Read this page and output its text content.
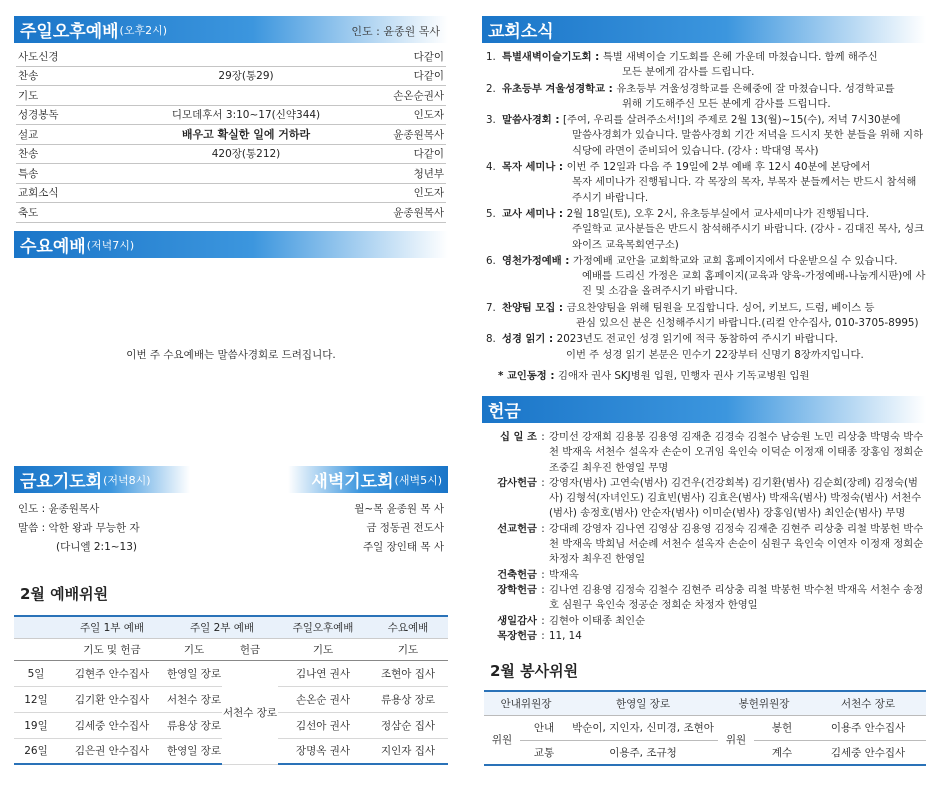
주일오후예배 (오후2시)	인도 : 윤종원 목사
사도신경	다같이
찬송	29장(통29)	다같이
기도	손온순권사
성경봉독	디모데후서 3:10~17(신약344)	인도자
설교	배우고 확실한 일에 거하라	윤종원목사
찬송	420장(통212)	다같이
특송	청년부
교회소식	인도자
축도	윤종원목사
수요예배 (저녁7시)
이번 주 수요예배는 말씀사경회로 드려집니다.
금요기도회 (저녁8시)	새벽기도회 (새벽5시)
인도 : 윤종원목사
말씀 : 악한 왕과 무능한 자
(다니엘 2:1~13)
월~목 윤종원 목 사
금 정동권 전도사
주일 장인태 목 사
2월 예배위원
	주일 1부 예배	주일 2부 예배		주일오후예배	수요예배
	기도 및 헌금	기도	헌금	기도	기도
5일	김현주 안수집사	한영일 장로	서천수 장로	김나연 권사	조현아 집사
12일	김기환 안수집사	서천수 장로		손온순 권사	류용상 장로
19일	김세중 안수집사	류용상 장로		김선아 권사	정삼순 집사
26일	김은권 안수집사	한영일 장로		장명옥 권사	지인자 집사
교회소식
1. 특별새벽이슬기도회 : 특별 새벽이슬 기도회를 은혜 가운데 마쳤습니다. 함께 해주신
모든 분에게 감사를 드립니다.
2. 유초등부 겨울성경학교 : 유초등부 겨울성경학교를 은혜중에 잘 마쳤습니다. 성경학교를
위해 기도해주신 모든 분에게 감사를 드립니다.
3. 말씀사경회 : [주여, 우리를 살려주소서!]의 주제로 2월 13(월)~15(수), 저녁 7시30분에
말씀사경회가 있습니다. 말씀사경회 기간 저녁을 드시지 못한 분들을 위해 지하 식당에 라면이 준비되어 있습니다. (강사 : 박대영 목사)
4. 목자 세미나 : 이번 주 12일과 다음 주 19일에 2부 예배 후 12시 40분에 본당에서
목자 세미나가 진행됩니다. 각 목장의 목자, 부목자 분들께서는 반드시 참석해주시기 바랍니다.
5. 교사 세미나 : 2월 18일(토), 오후 2시, 유초등부실에서 교사세미나가 진행됩니다.
주일학교 교사분들은 반드시 참석해주시기 바랍니다. (강사 - 김대진 목사, 싱크와이즈 교육목회연구소)
6. 영천가정예배 : 가정예배 교안을 교회학교와 교회 홈페이지에서 다운받으실 수 있습니다.
예배를 드리신 가정은 교회 홈페이지(교육과 양육-가정예배-나눔게시판)에 사진 및 소감을 올려주시기 바랍니다.
7. 찬양팀 모집 : 금요찬양팀을 위해 팀원을 모집합니다. 싱어, 키보드, 드럼, 베이스 등
관심 있으신 분은 신청해주시기 바랍니다.(리컬 안수집사, 010-3705-8995)
8. 성경 읽기 : 2023년도 전교인 성경 읽기에 적극 동참하여 주시기 바랍니다.
이번 주 성경 읽기 본문은 민수기 22장부터 신명기 8장까지입니다.
* 교인동정 : 김애자 권사 SKJ병원 입원, 민행자 권사 기독교병원 입원
헌금
십 일 조 : 강미선 강재희 김용봉 김용영 김재춘 김경숙 김철수 남승원 노민 리상충 박명숙 박수천 박재옥 서천수 설옥자 손순이 오귀임 육인숙 이덕순 이정재 이태종 장홍임 정희순 조중길 최우진 한영일 무명
감사헌금 : 강영자(범사) 고연숙(범사) 김건우(건강회복) 김기환(범사) 김순희(장례) 김정숙(범사) 김형석(자녀인도) 김효빈(범사) 김효은(범사) 박재옥(범사) 박정숙(범사) 서천수(범사) 송정호(범사) 안순자(범사) 이미순(범사) 장홍임(범사) 최인순(범사) 무명
선교헌금 : 강대례 강영자 김나연 김영삼 김용영 김정숙 김재춘 김현주 리상충 리철 박봉헌 박수천 박재옥 박희님 서순례 서천수 설옥자 손순이 심원구 육인숙 이연자 이정재 정희순 차정자 최우진 한영일
건축헌금 : 박재옥
장학헌금 : 김나연 김용영 김정숙 김철수 김현주 리상충 리철 박봉헌 박수천 박재옥 서천수 송정호 심원구 육인숙 정공순 정희순 차정자 한영일
생일감사 : 김현아 이태종 최인순
목장헌금 : 11, 14
2월 봉사위원
안내위원장		한영일 장로	봉헌위원장		서천수 장로
위원	안내	박순이, 지인자, 신미경, 조현아	위원	봉헌	이용주 안수집사
	교통	이용주, 조규청		계수	김세중 안수집사
